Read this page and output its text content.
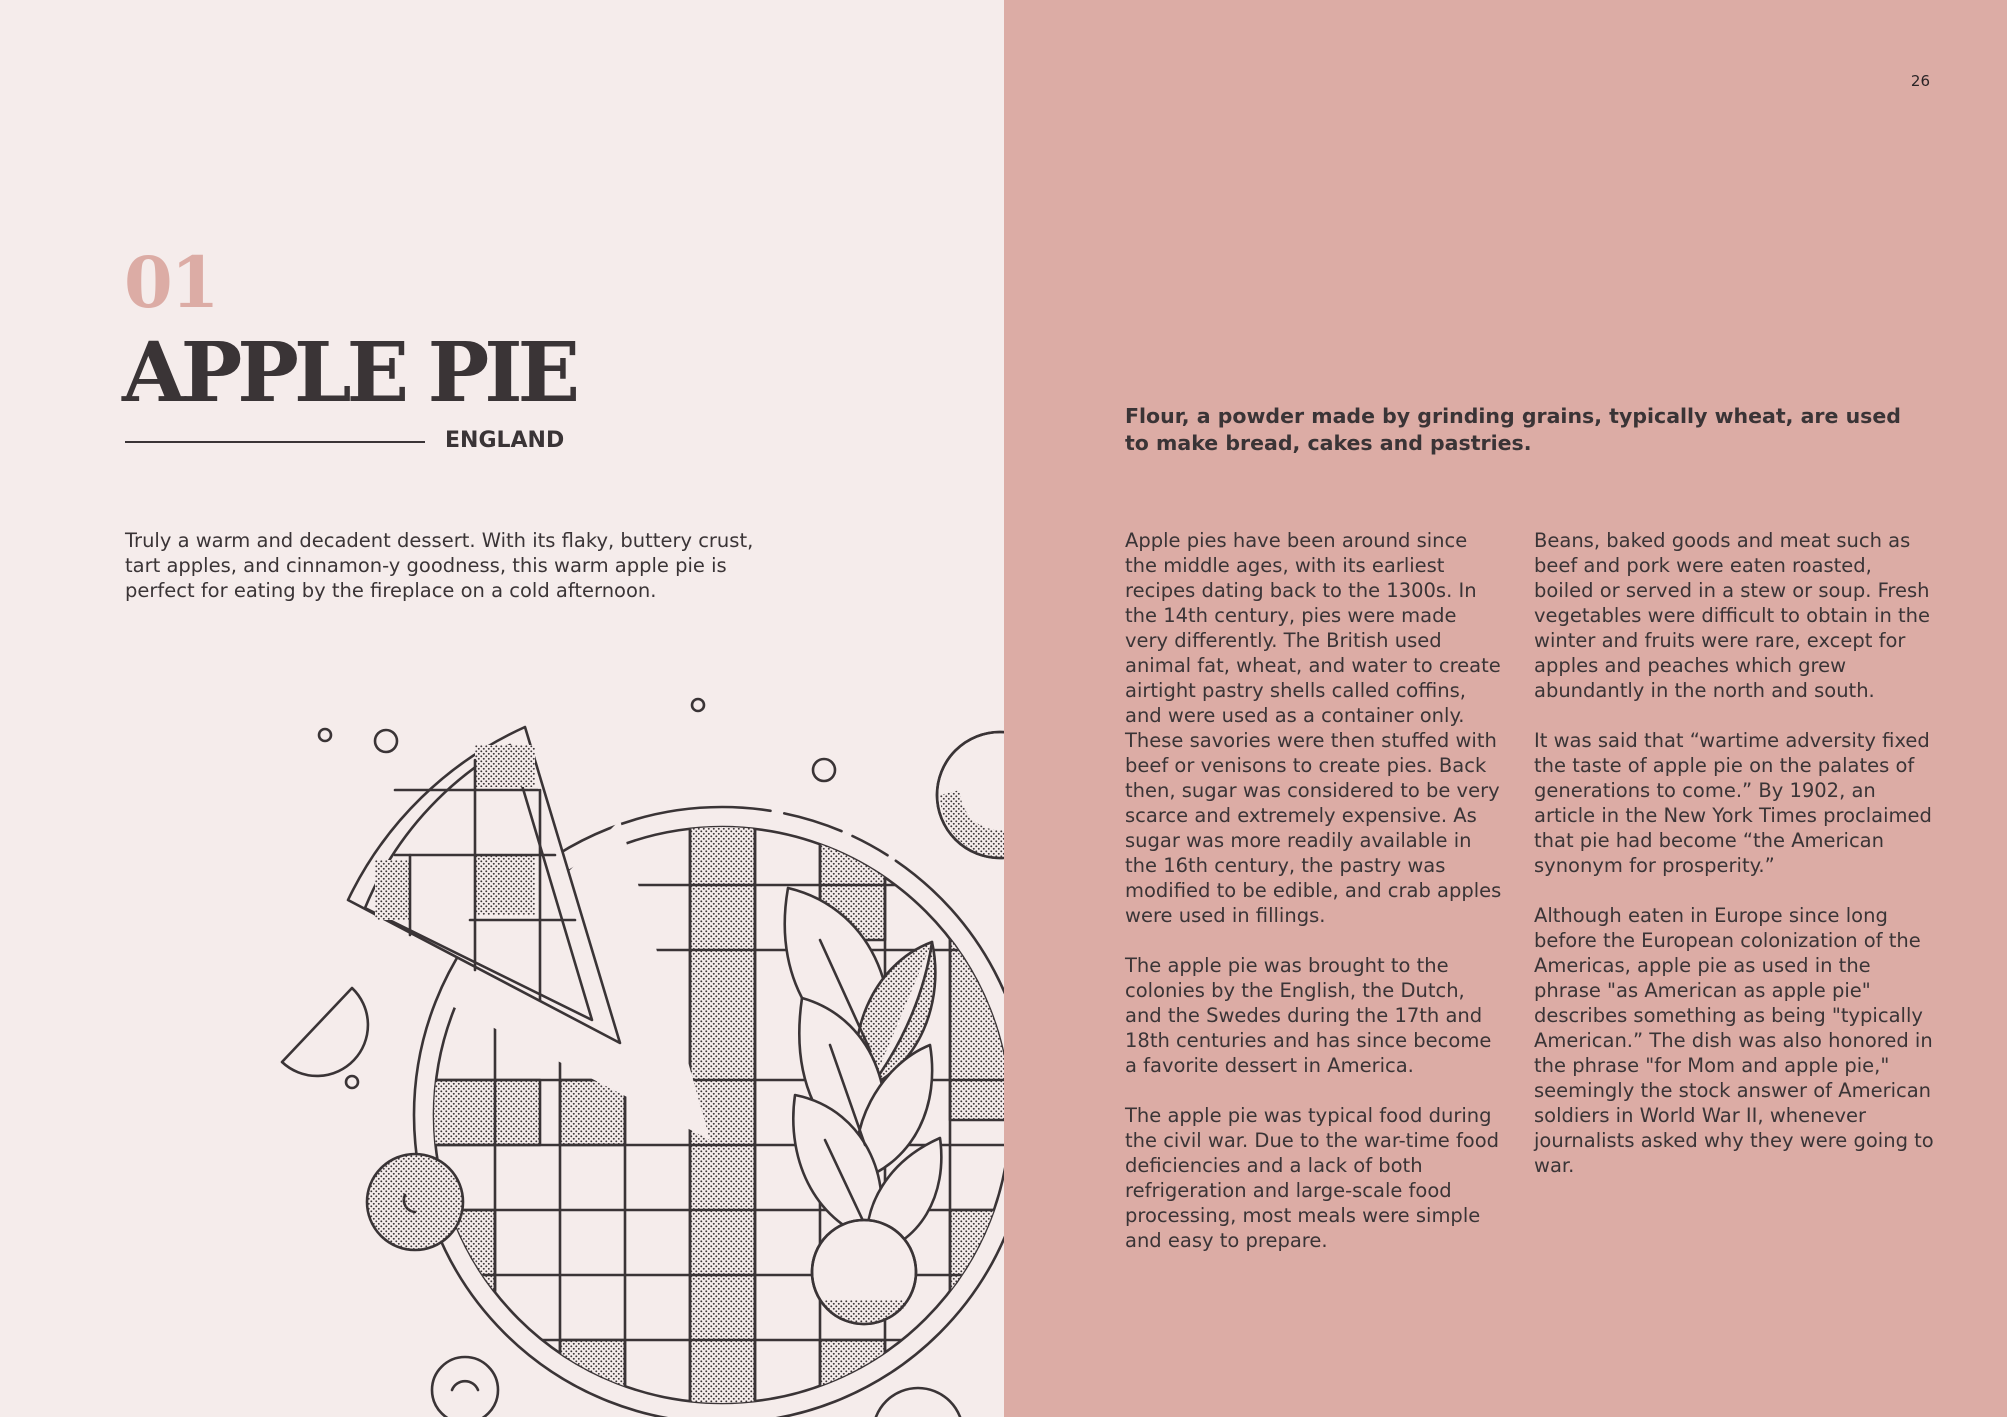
01
APPLE PIE
ENGLAND

Truly a warm and decadent dessert. With its flaky, buttery crust, tart apples, and cinnamon-y goodness, this warm apple pie is perfect for eating by the fireplace on a cold afternoon.

26

Flour, a powder made by grinding grains, typically wheat, are used to make bread, cakes and pastries.

Apple pies have been around since the middle ages, with its earliest recipes dating back to the 1300s. In the 14th century, pies were made very differently. The British used animal fat, wheat, and water to create airtight pastry shells called coffins, and were used as a container only. These savories were then stuffed with beef or venisons to create pies. Back then, sugar was considered to be very scarce and extremely expensive. As sugar was more readily available in the 16th century, the pastry was modified to be edible, and crab apples were used in fillings.

The apple pie was brought to the colonies by the English, the Dutch, and the Swedes during the 17th and 18th centuries and has since become a favorite dessert in America.

The apple pie was typical food during the civil war. Due to the war-time food deficiencies and a lack of both refrigeration and large-scale food processing, most meals were simple and easy to prepare.

Beans, baked goods and meat such as beef and pork were eaten roasted, boiled or served in a stew or soup. Fresh vegetables were difficult to obtain in the winter and fruits were rare, except for apples and peaches which grew abundantly in the north and south.

It was said that “wartime adversity fixed the taste of apple pie on the palates of generations to come.” By 1902, an article in the New York Times proclaimed that pie had become “the American synonym for prosperity.”

Although eaten in Europe since long before the European colonization of the Americas, apple pie as used in the phrase "as American as apple pie" describes something as being "typically American.” The dish was also honored in the phrase "for Mom and apple pie," seemingly the stock answer of American soldiers in World War II, whenever journalists asked why they were going to war.
